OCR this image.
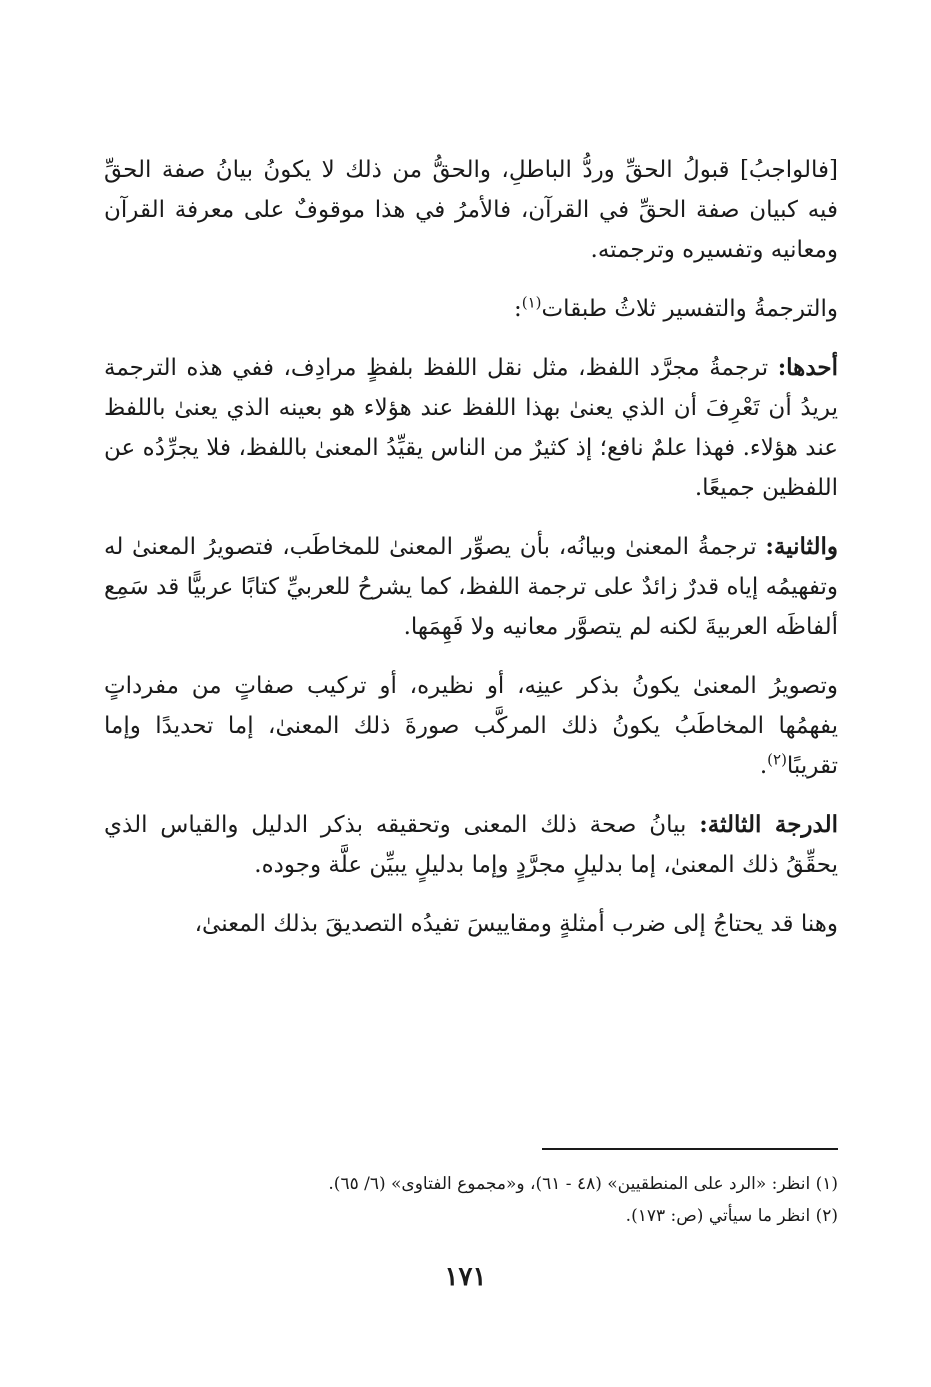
[فالواجبُ] قبولُ الحقِّ وردُّ الباطلِ، والحقُّ من ذلك لا يكونُ بيانُ صفة الحقِّ فيه كبيان صفة الحقِّ في القرآن، فالأمرُ في هذا موقوفٌ على معرفة القرآن ومعانيه وتفسيره وترجمته.

والترجمةُ والتفسير ثلاثُ طبقات$^{(١)}$:

أحدها: ترجمةُ مجرَّد اللفظ، مثل نقل اللفظ بلفظٍ مرادِف، ففي هذه الترجمة يريدُ أن تَعْرِفَ أن الذي يعنىٰ بهذا اللفظ عند هؤلاء هو بعينه الذي يعنىٰ باللفظ عند هؤلاء. فهذا علمٌ نافع؛ إذ كثيرٌ من الناس يقيِّدُ المعنىٰ باللفظ، فلا يجرِّدُه عن اللفظين جميعًا.

والثانية: ترجمةُ المعنىٰ وبيانُه، بأن يصوِّر المعنىٰ للمخاطَب، فتصويرُ المعنىٰ له وتفهيمُه إياه قدرٌ زائدٌ على ترجمة اللفظ، كما يشرحُ للعربيِّ كتابًا عربيًّا قد سَمِع ألفاظَه العربيةَ لكنه لم يتصوَّر معانيه ولا فَهِمَها.

وتصويرُ المعنىٰ يكونُ بذكر عينِه، أو نظيره، أو تركيب صفاتٍ من مفرداتٍ يفهمُها المخاطَبُ يكونُ ذلك المركَّب صورةَ ذلك المعنىٰ، إما تحديدًا وإما تقريبًا$^{(٢)}$.

الدرجة الثالثة: بيانُ صحة ذلك المعنى وتحقيقه بذكر الدليل والقياس الذي يحقِّقُ ذلك المعنىٰ، إما بدليلٍ مجرَّدٍ وإما بدليلٍ يبيِّن علَّة وجوده.

وهنا قد يحتاجُ إلى ضرب أمثلةٍ ومقاييسَ تفيدُه التصديقَ بذلك المعنىٰ،

(١) انظر: «الرد على المنطقيين» (٤٨ - ٦١)، و«مجموع الفتاوى» (٦/ ٦٥).

(٢) انظر ما سيأتي (ص: ١٧٣).

١٧١
